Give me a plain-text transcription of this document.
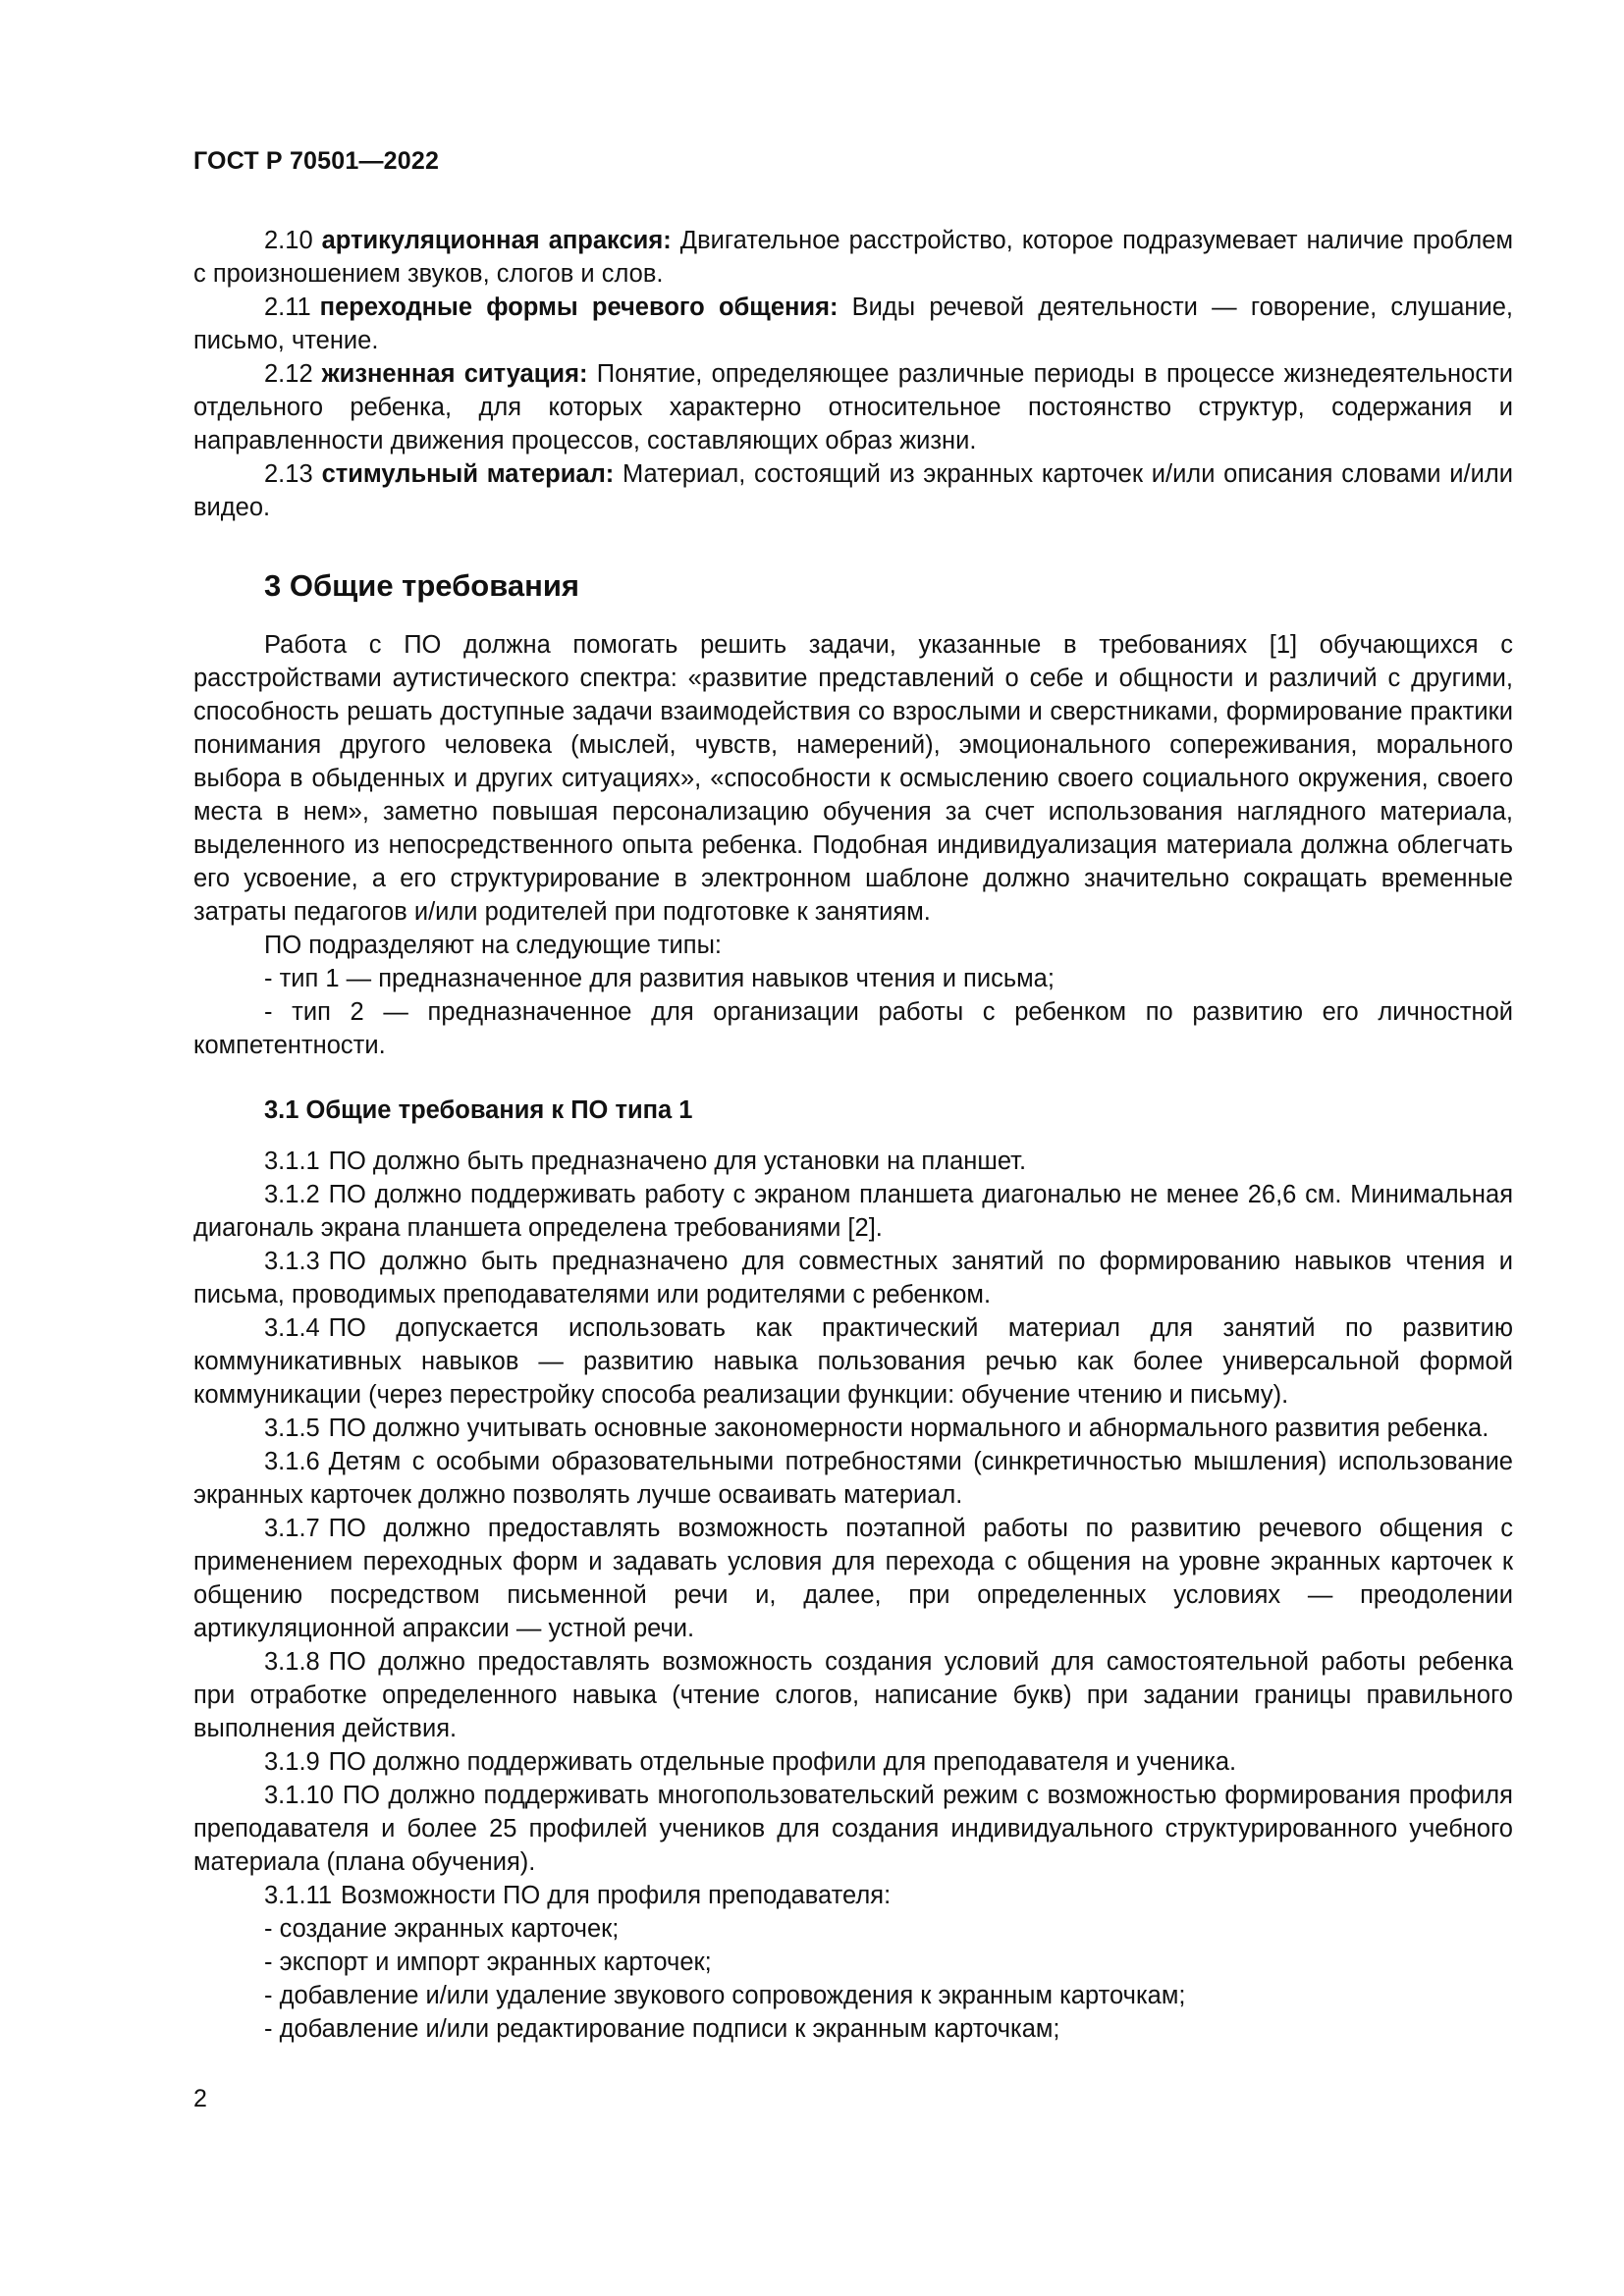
ГОСТ Р 70501—2022

2.10 артикуляционная апраксия: Двигательное расстройство, которое подразумевает наличие проблем с произношением звуков, слогов и слов.

2.11 переходные формы речевого общения: Виды речевой деятельности — говорение, слушание, письмо, чтение.

2.12 жизненная ситуация: Понятие, определяющее различные периоды в процессе жизнедеятельности отдельного ребенка, для которых характерно относительное постоянство структур, содержания и направленности движения процессов, составляющих образ жизни.

2.13 стимульный материал: Материал, состоящий из экранных карточек и/или описания словами и/или видео.

3 Общие требования

Работа с ПО должна помогать решить задачи, указанные в требованиях [1] обучающихся с расстройствами аутистического спектра: «развитие представлений о себе и общности и различий с другими, способность решать доступные задачи взаимодействия со взрослыми и сверстниками, формирование практики понимания другого человека (мыслей, чувств, намерений), эмоционального сопереживания, морального выбора в обыденных и других ситуациях», «способности к осмыслению своего социального окружения, своего места в нем», заметно повышая персонализацию обучения за счет использования наглядного материала, выделенного из непосредственного опыта ребенка. Подобная индивидуализация материала должна облегчать его усвоение, а его структурирование в электронном шаблоне должно значительно сокращать временные затраты педагогов и/или родителей при подготовке к занятиям.

ПО подразделяют на следующие типы:

- тип 1 — предназначенное для развития навыков чтения и письма;

- тип 2 — предназначенное для организации работы с ребенком по развитию его личностной компетентности.

3.1 Общие требования к ПО типа 1

3.1.1 ПО должно быть предназначено для установки на планшет.

3.1.2 ПО должно поддерживать работу с экраном планшета диагональю не менее 26,6 см. Минимальная диагональ экрана планшета определена требованиями [2].

3.1.3 ПО должно быть предназначено для совместных занятий по формированию навыков чтения и письма, проводимых преподавателями или родителями с ребенком.

3.1.4 ПО допускается использовать как практический материал для занятий по развитию коммуникативных навыков — развитию навыка пользования речью как более универсальной формой коммуникации (через перестройку способа реализации функции: обучение чтению и письму).

3.1.5 ПО должно учитывать основные закономерности нормального и абнормального развития ребенка.

3.1.6 Детям с особыми образовательными потребностями (синкретичностью мышления) использование экранных карточек должно позволять лучше осваивать материал.

3.1.7 ПО должно предоставлять возможность поэтапной работы по развитию речевого общения с применением переходных форм и задавать условия для перехода с общения на уровне экранных карточек к общению посредством письменной речи и, далее, при определенных условиях — преодолении артикуляционной апраксии — устной речи.

3.1.8 ПО должно предоставлять возможность создания условий для самостоятельной работы ребенка при отработке определенного навыка (чтение слогов, написание букв) при задании границы правильного выполнения действия.

3.1.9 ПО должно поддерживать отдельные профили для преподавателя и ученика.

3.1.10 ПО должно поддерживать многопользовательский режим с возможностью формирования профиля преподавателя и более 25 профилей учеников для создания индивидуального структурированного учебного материала (плана обучения).

3.1.11 Возможности ПО для профиля преподавателя:

- создание экранных карточек;

- экспорт и импорт экранных карточек;

- добавление и/или удаление звукового сопровождения к экранным карточкам;

- добавление и/или редактирование подписи к экранным карточкам;

2
